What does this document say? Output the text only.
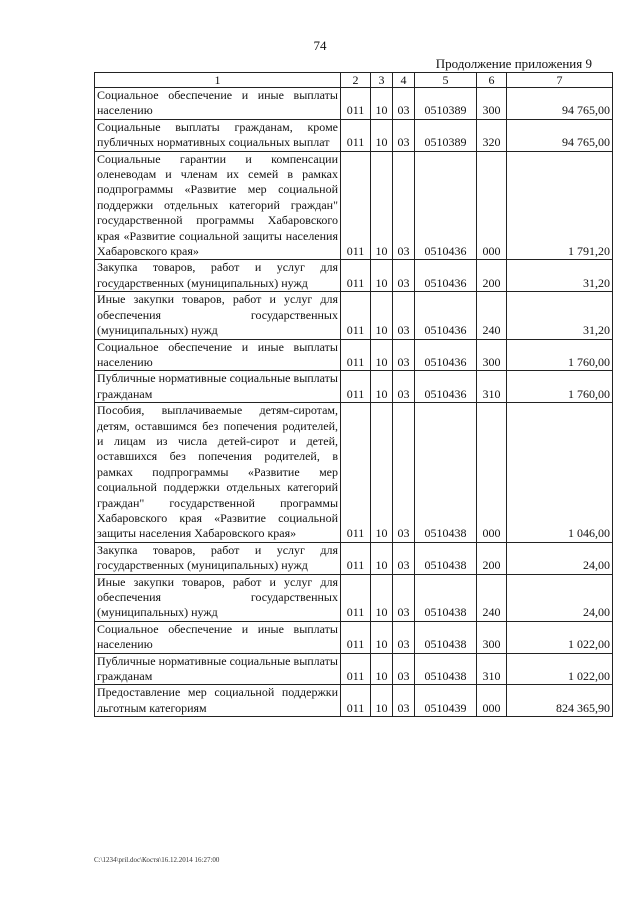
74
Продолжение приложения 9
1	2	3	4	5	6	7
Социальное обеспечение и иные выплаты населению	011	10	03	0510389	300	94 765,00
Социальные выплаты гражданам, кроме публичных нормативных социальных выплат	011	10	03	0510389	320	94 765,00
Социальные гарантии и компенсации оленеводам и членам их семей в рамках подпрограммы «Развитие мер социальной поддержки отдельных категорий граждан" государственной программы Хабаровского края «Развитие социальной защиты населения Хабаровского края»	011	10	03	0510436	000	1 791,20
Закупка товаров, работ и услуг для государственных (муниципальных) нужд	011	10	03	0510436	200	31,20
Иные закупки товаров, работ и услуг для обеспечения государственных (муниципальных) нужд	011	10	03	0510436	240	31,20
Социальное обеспечение и иные выплаты населению	011	10	03	0510436	300	1 760,00
Публичные нормативные социальные выплаты гражданам	011	10	03	0510436	310	1 760,00
Пособия, выплачиваемые детям-сиротам, детям, оставшимся без попечения родителей, и лицам из числа детей-сирот и детей, оставшихся без попечения родителей, в рамках подпрограммы «Развитие мер социальной поддержки отдельных категорий граждан" государственной программы Хабаровского края «Развитие социальной защиты населения Хабаровского края»	011	10	03	0510438	000	1 046,00
Закупка товаров, работ и услуг для государственных (муниципальных) нужд	011	10	03	0510438	200	24,00
Иные закупки товаров, работ и услуг для обеспечения государственных (муниципальных) нужд	011	10	03	0510438	240	24,00
Социальное обеспечение и иные выплаты населению	011	10	03	0510438	300	1 022,00
Публичные нормативные социальные выплаты гражданам	011	10	03	0510438	310	1 022,00
Предоставление мер социальной поддержки льготным категориям	011	10	03	0510439	000	824 365,90
C:\1234\pril.doc\Костя\16.12.2014 16:27:00
